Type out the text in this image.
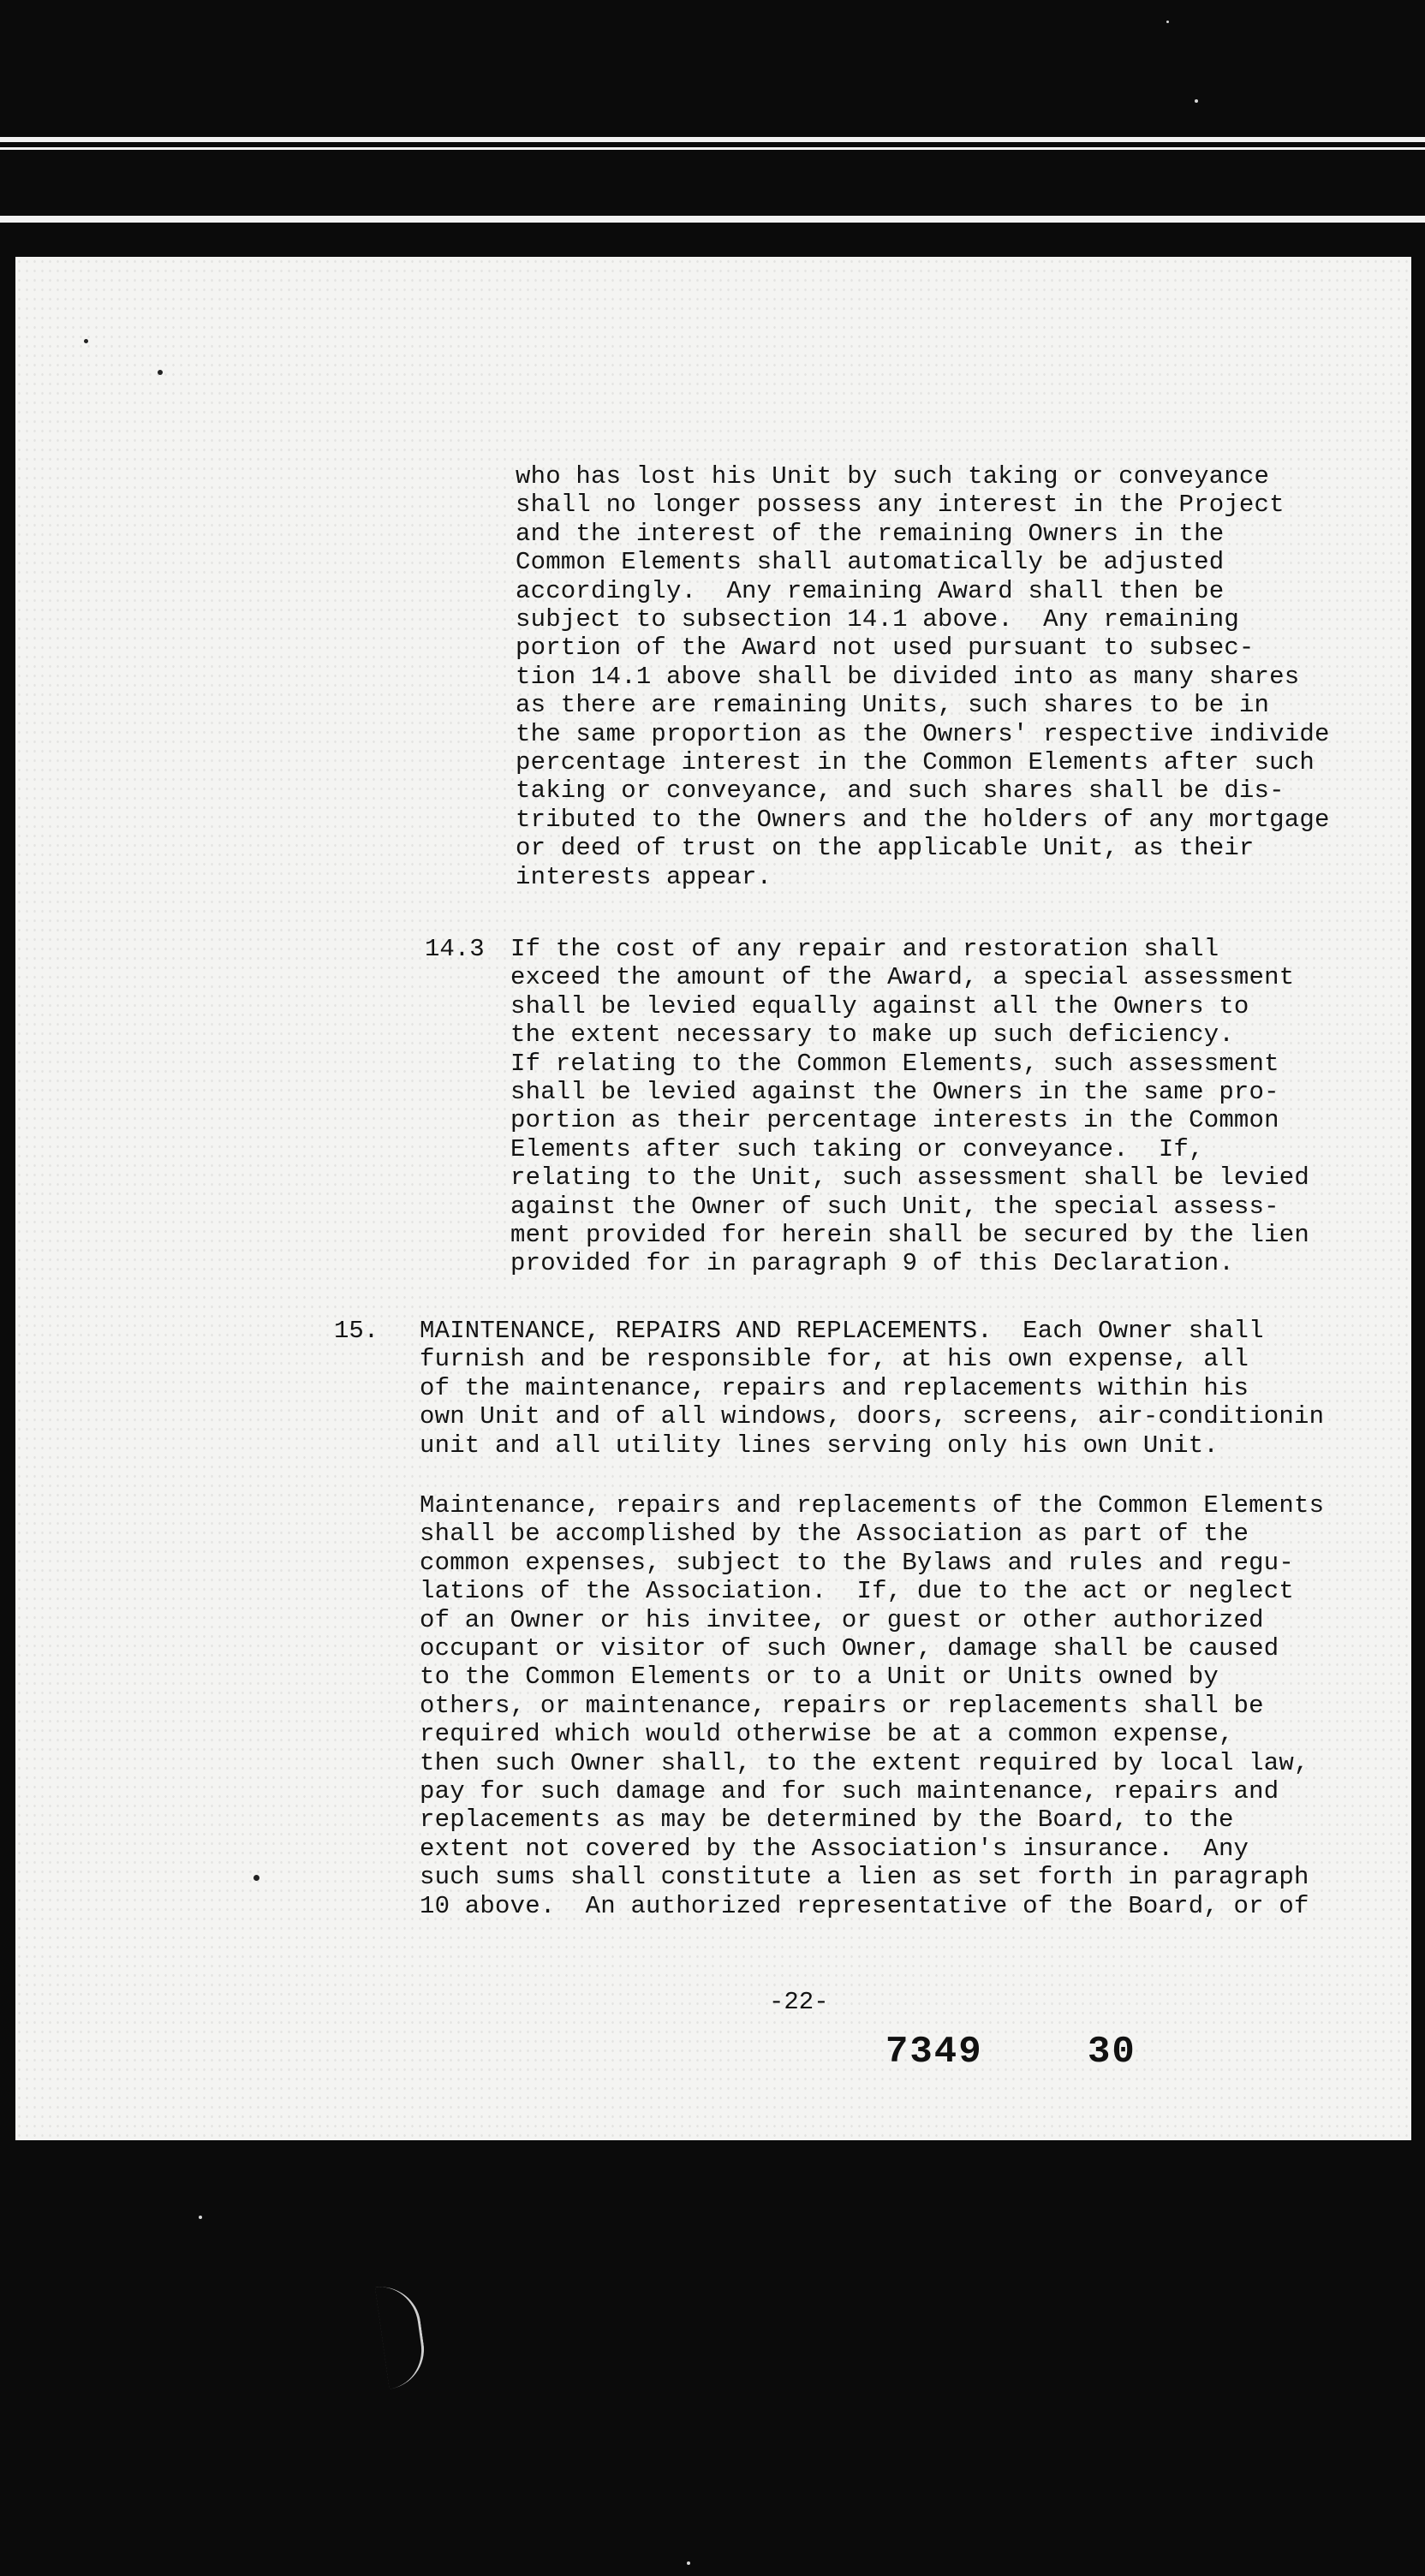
who has lost his Unit by such taking or conveyance
shall no longer possess any interest in the Project
and the interest of the remaining Owners in the
Common Elements shall automatically be adjusted
accordingly.  Any remaining Award shall then be
subject to subsection 14.1 above.  Any remaining
portion of the Award not used pursuant to subsec-
tion 14.1 above shall be divided into as many shares
as there are remaining Units, such shares to be in
the same proportion as the Owners' respective individe
percentage interest in the Common Elements after such
taking or conveyance, and such shares shall be dis-
tributed to the Owners and the holders of any mortgage
or deed of trust on the applicable Unit, as their
interests appear.

14.3 If the cost of any repair and restoration shall
exceed the amount of the Award, a special assessment
shall be levied equally against all the Owners to
the extent necessary to make up such deficiency.
If relating to the Common Elements, such assessment
shall be levied against the Owners in the same pro-
portion as their percentage interests in the Common
Elements after such taking or conveyance.  If,
relating to the Unit, such assessment shall be levied
against the Owner of such Unit, the special assess-
ment provided for herein shall be secured by the lien
provided for in paragraph 9 of this Declaration.

15. MAINTENANCE, REPAIRS AND REPLACEMENTS.  Each Owner shall
furnish and be responsible for, at his own expense, all
of the maintenance, repairs and replacements within his
own Unit and of all windows, doors, screens, air-conditionin
unit and all utility lines serving only his own Unit.

Maintenance, repairs and replacements of the Common Elements
shall be accomplished by the Association as part of the
common expenses, subject to the Bylaws and rules and regu-
lations of the Association.  If, due to the act or neglect
of an Owner or his invitee, or guest or other authorized
occupant or visitor of such Owner, damage shall be caused
to the Common Elements or to a Unit or Units owned by
others, or maintenance, repairs or replacements shall be
required which would otherwise be at a common expense,
then such Owner shall, to the extent required by local law,
pay for such damage and for such maintenance, repairs and
replacements as may be determined by the Board, to the
extent not covered by the Association's insurance.  Any
such sums shall constitute a lien as set forth in paragraph
10 above.  An authorized representative of the Board, or of

-22-
7349	30
